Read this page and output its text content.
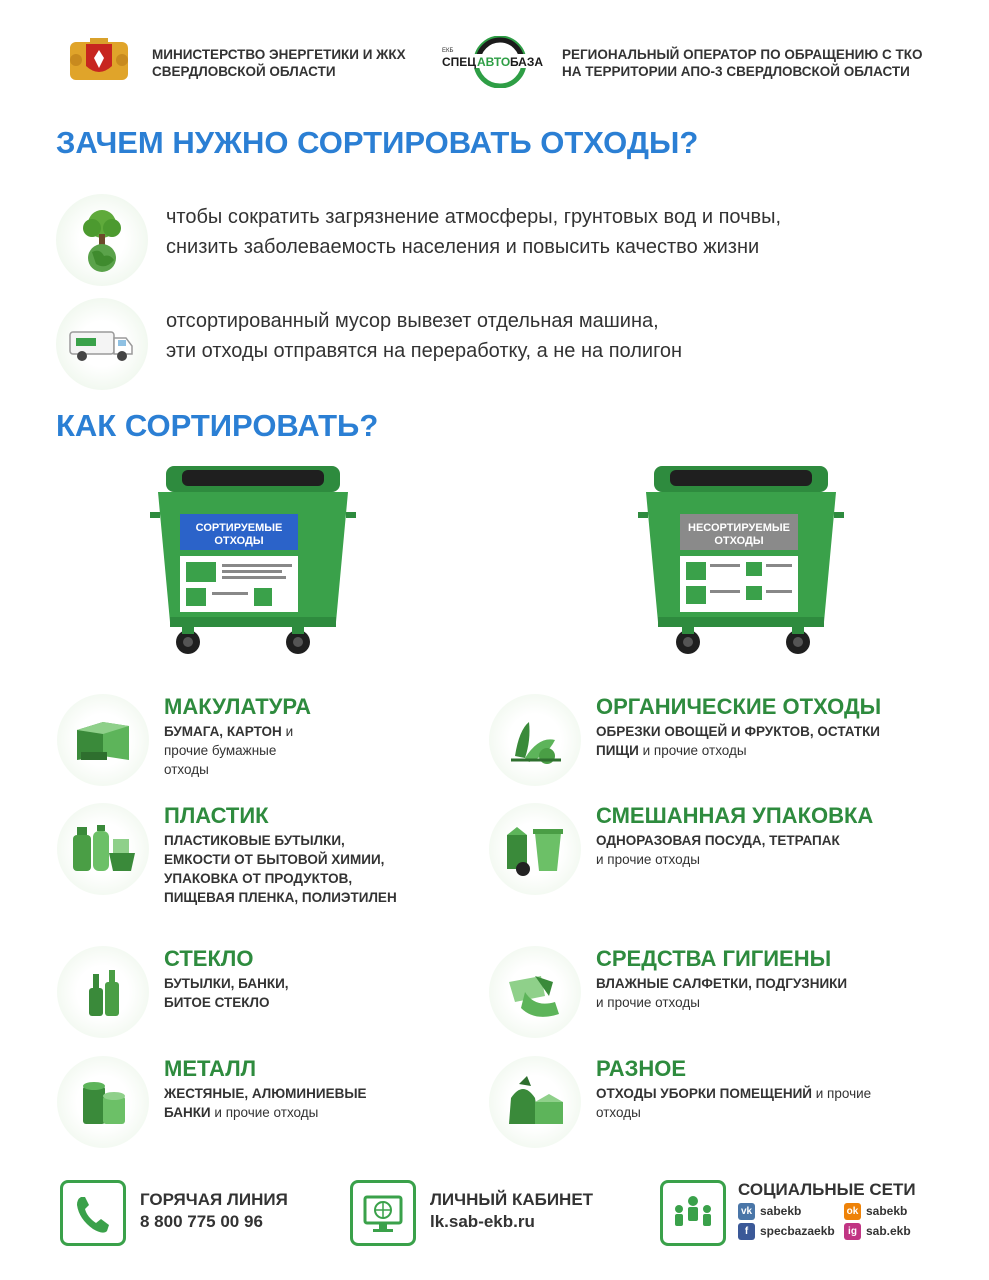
МИНИСТЕРСТВО ЭНЕРГЕТИКИ И ЖКХ
СВЕРДЛОВСКОЙ ОБЛАСТИ
ЕКБ
СПЕЦ АВТО БАЗА РЕГИОНАЛЬНЫЙ ОПЕРАТОР ПО ОБРАЩЕНИЮ С ТКО
НА ТЕРРИТОРИИ АПО-3 СВЕРДЛОВСКОЙ ОБЛАСТИ
ЗАЧЕМ НУЖНО СОРТИРОВАТЬ ОТХОДЫ?
чтобы сократить загрязнение атмосферы, грунтовых вод и почвы,
снизить заболеваемость населения и повысить качество жизни
отсортированный мусор вывезет отдельная машина,
эти отходы отправятся на переработку, а не на полигон
КАК СОРТИРОВАТЬ?
СОРТИРУЕМЫЕ
ОТХОДЫ
НЕСОРТИРУЕМЫЕ
ОТХОДЫ
МАКУЛАТУРА
БУМАГА, КАРТОН и прочие бумажные отходы
ОРГАНИЧЕСКИЕ ОТХОДЫ
ОБРЕЗКИ ОВОЩЕЙ И ФРУКТОВ, ОСТАТКИ ПИЩИ и прочие отходы
ПЛАСТИК
ПЛАСТИКОВЫЕ БУТЫЛКИ, ЕМКОСТИ ОТ БЫТОВОЙ ХИМИИ, УПАКОВКА ОТ ПРОДУКТОВ, ПИЩЕВАЯ ПЛЕНКА, ПОЛИЭТИЛЕН
СМЕШАННАЯ УПАКОВКА
ОДНОРАЗОВАЯ ПОСУДА, ТЕТРАПАК
и прочие отходы
СТЕКЛО
БУТЫЛКИ, БАНКИ, БИТОЕ СТЕКЛО
СРЕДСТВА ГИГИЕНЫ
ВЛАЖНЫЕ САЛФЕТКИ, ПОДГУЗНИКИ
и прочие отходы
МЕТАЛЛ
ЖЕСТЯНЫЕ, АЛЮМИНИЕВЫЕ БАНКИ и прочие отходы
РАЗНОЕ
ОТХОДЫ УБОРКИ ПОМЕЩЕНИЙ и прочие отходы
ГОРЯЧАЯ ЛИНИЯ
8 800 775 00 96
ЛИЧНЫЙ КАБИНЕТ
lk.sab-ekb.ru
СОЦИАЛЬНЫЕ СЕТИ
vk sabekb	ok sabekb
f specbazaekb	ig sab.ekb
